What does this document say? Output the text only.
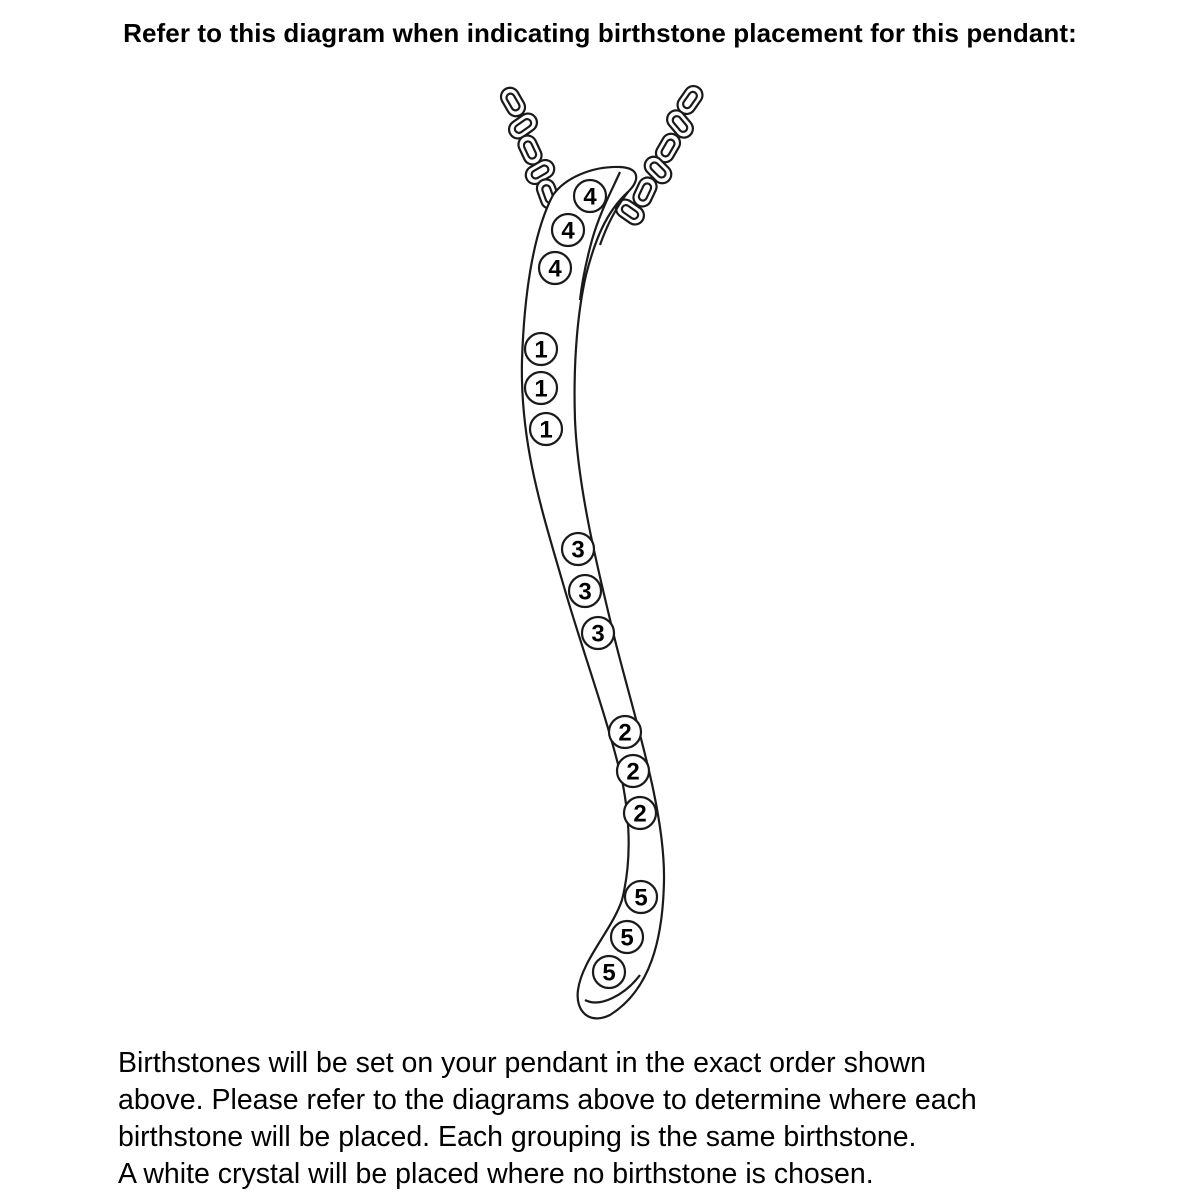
Refer to this diagram when indicating birthstone placement for this pendant:
4
4
4
1
1
1
3
3
3
2
2
2
5
5
5

Birthstones will be set on your pendant in the exact order shown

above. Please refer to the diagrams above to determine where each

birthstone will be placed. Each grouping is the same birthstone.

A white crystal will be placed where no birthstone is chosen.
